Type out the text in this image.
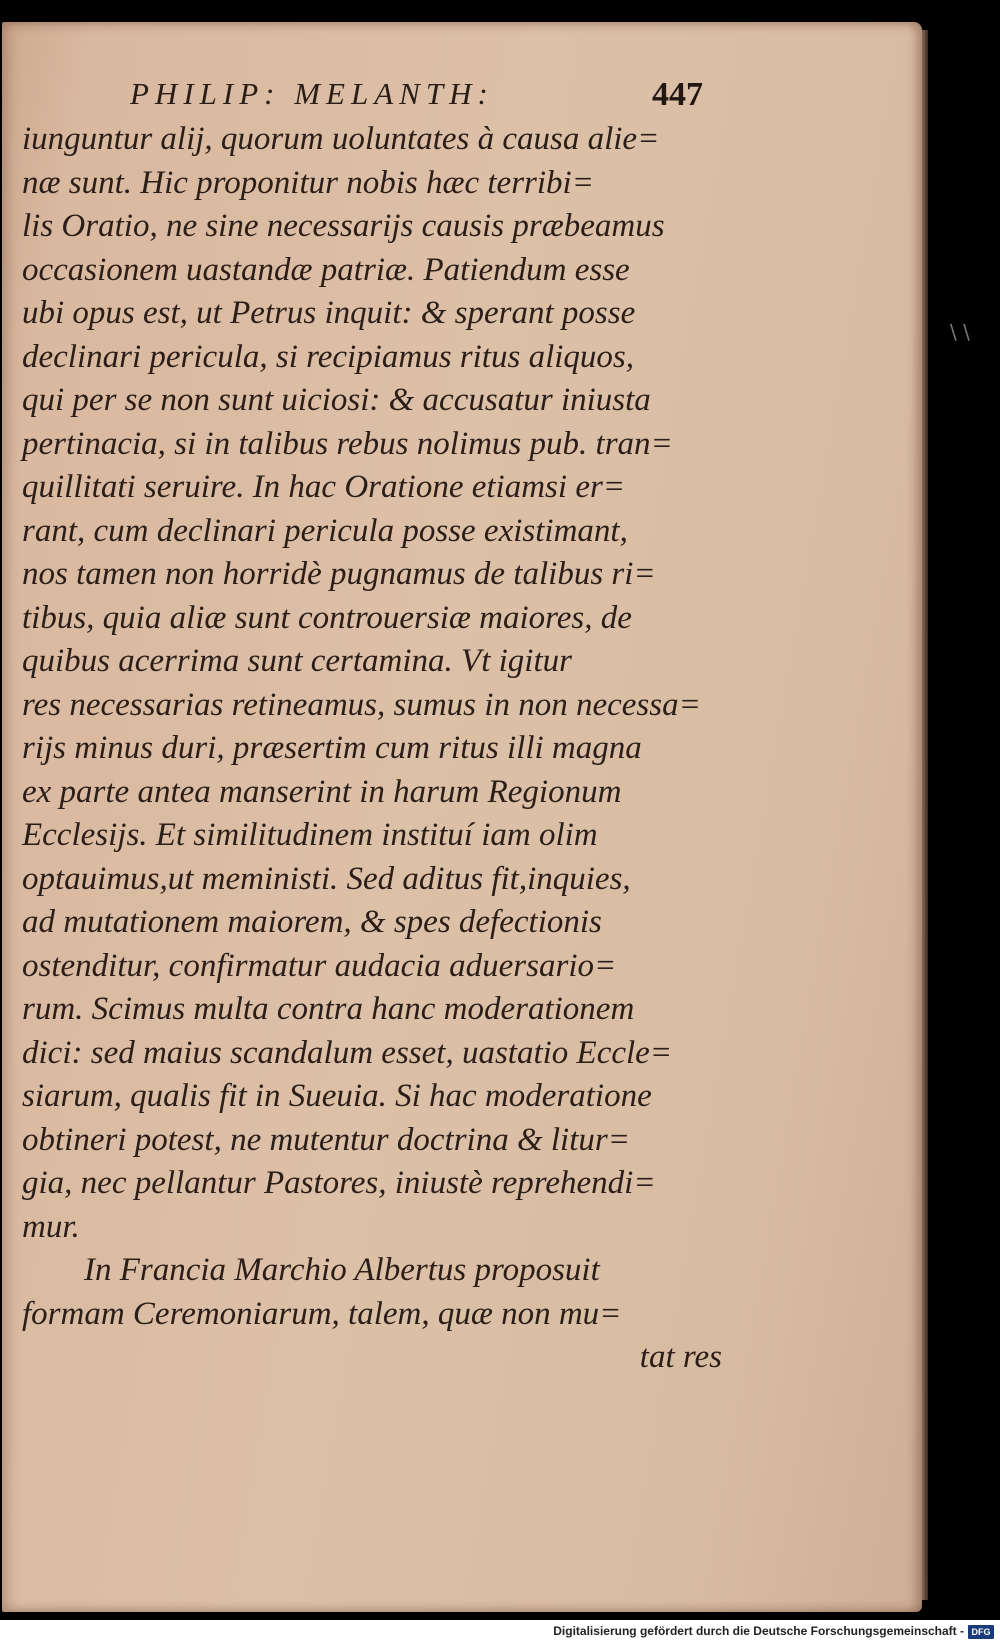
PHILIP: MELANTH:	447
iunguntur alij, quorum uoluntates à causa alie=
næ sunt. Hic proponitur nobis hæc terribi=
lis Oratio, ne sine necessarijs causis præbeamus
occasionem uastandæ patriæ. Patiendum esse
ubi opus est, ut Petrus inquit: & sperant posse
declinari pericula, si recipiamus ritus aliquos,
qui per se non sunt uiciosi: & accusatur iniusta
pertinacia, si in talibus rebus nolimus pub. tran=
quillitati seruire. In hac Oratione etiamsi er=
rant, cum declinari pericula posse existimant,
nos tamen non horridè pugnamus de talibus ri=
tibus, quia aliæ sunt controuersiæ maiores, de
quibus acerrima sunt certamina. Vt igitur
res necessarias retineamus, sumus in non necessa=
rijs minus duri, præsertim cum ritus illi magna
ex parte antea manserint in harum Regionum
Ecclesijs. Et similitudinem instituí iam olim
optauimus,ut meministi. Sed aditus fit,inquies,
ad mutationem maiorem, & spes defectionis
ostenditur, confirmatur audacia aduersario=
rum. Scimus multa contra hanc moderationem
dici: sed maius scandalum esset, uastatio Eccle=
siarum, qualis fit in Sueuia. Si hac moderatione
obtineri potest, ne mutentur doctrina & litur=
gia, nec pellantur Pastores, iniustè reprehendi=
mur.
In Francia Marchio Albertus proposuit
formam Ceremoniarum, talem, quæ non mu=
tat res
\ \
Digitalisierung gefördert durch die Deutsche Forschungsgemeinschaft - DFG
